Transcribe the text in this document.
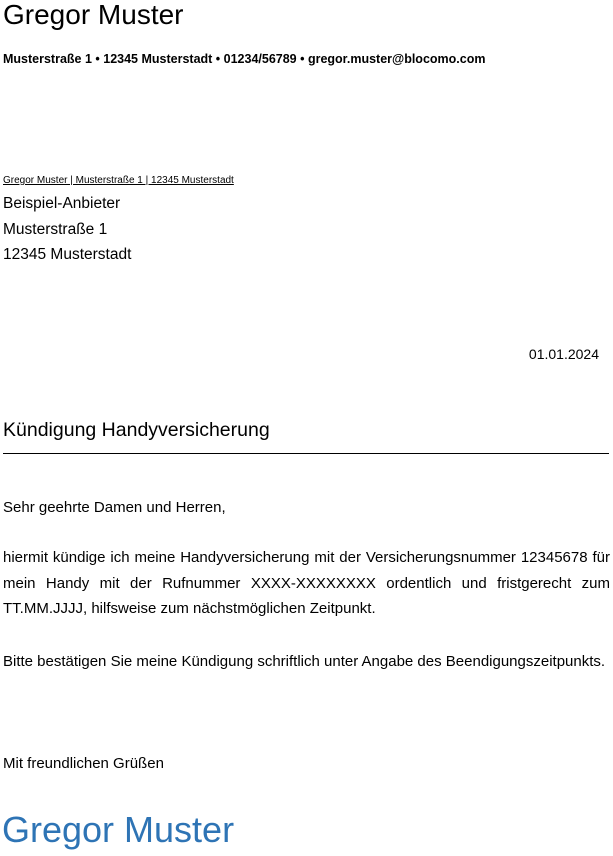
Gregor Muster
Musterstraße 1 • 12345 Musterstadt • 01234/56789 • gregor.muster@blocomo.com
Gregor Muster | Musterstraße 1 | 12345 Musterstadt
Beispiel-Anbieter
Musterstraße 1
12345 Musterstadt
01.01.2024
Kündigung Handyversicherung

Sehr geehrte Damen und Herren,

hiermit kündige ich meine Handyversicherung mit der Versicherungsnummer 12345678 für mein Handy mit der Rufnummer XXXX-XXXXXXXX ordentlich und fristgerecht zum TT.MM.JJJJ, hilfsweise zum nächstmöglichen Zeitpunkt.

Bitte bestätigen Sie meine Kündigung schriftlich unter Angabe des Beendigungszeitpunkts.

Mit freundlichen Grüßen

Gregor Muster
